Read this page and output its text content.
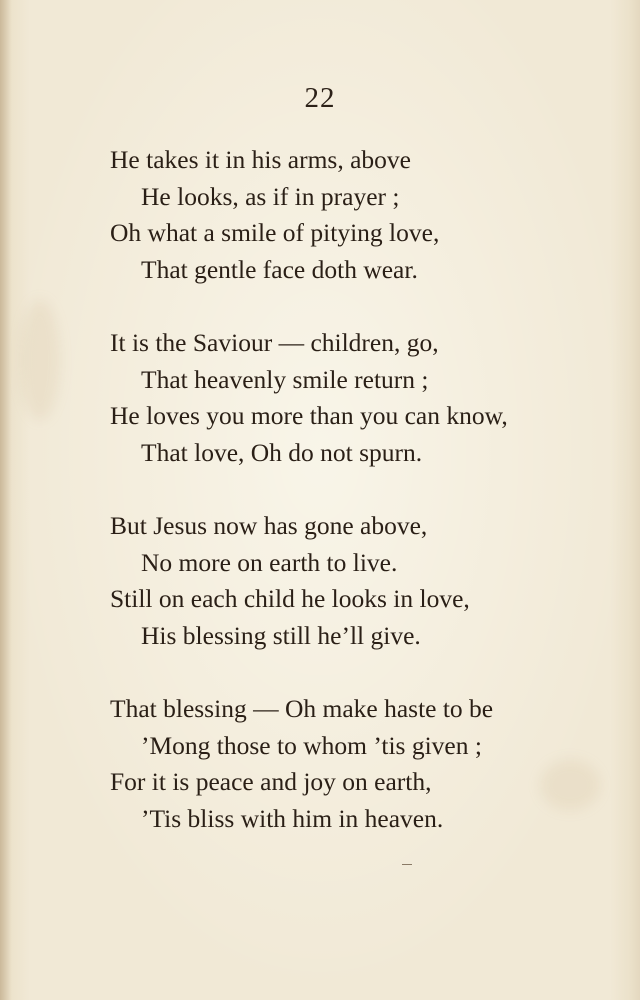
22
He takes it in his arms, above
He looks, as if in prayer ;
Oh what a smile of pitying love,
That gentle face doth wear.
It is the Saviour — children, go,
That heavenly smile return ;
He loves you more than you can know,
That love, Oh do not spurn.
But Jesus now has gone above,
No more on earth to live.
Still on each child he looks in love,
His blessing still he’ll give.
That blessing — Oh make haste to be
’Mong those to whom ’tis given ;
For it is peace and joy on earth,
’Tis bliss with him in heaven.
